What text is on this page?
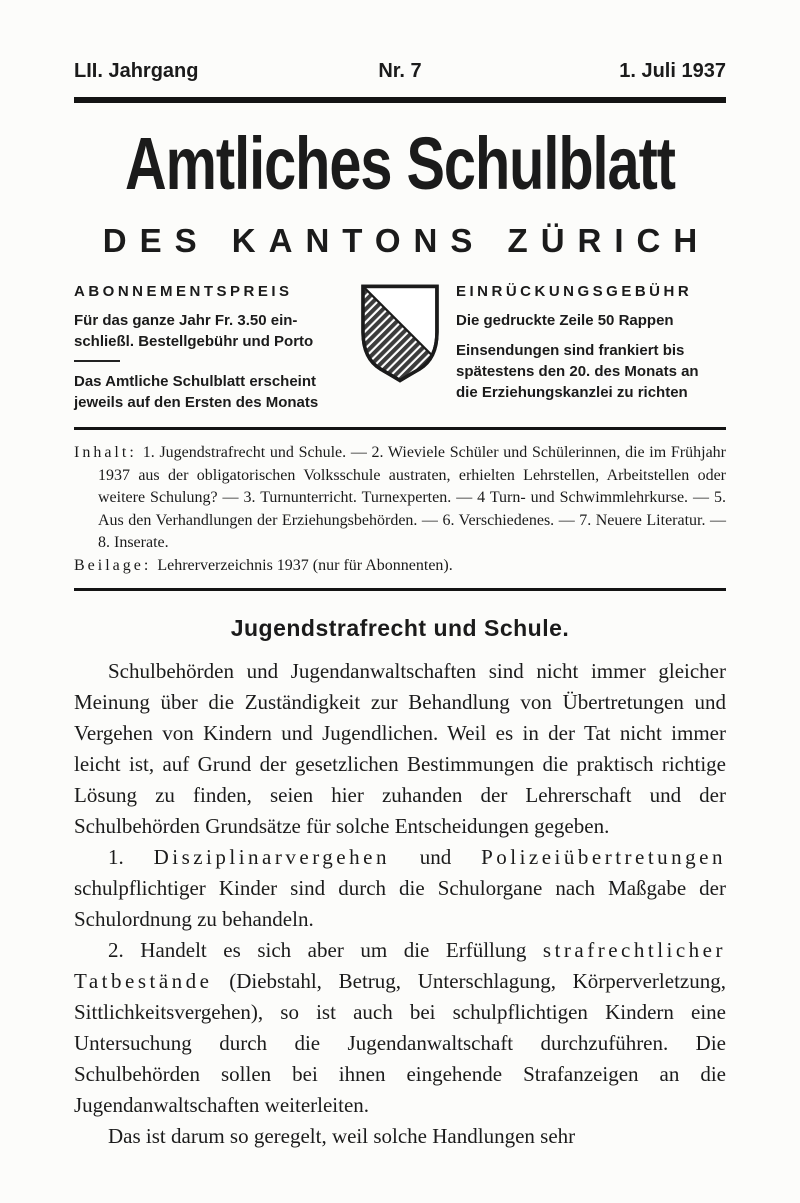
LII. Jahrgang	Nr. 7	1. Juli 1937
Amtliches Schulblatt
DES KANTONS ZÜRICH
ABONNEMENTSPREIS
Für das ganze Jahr Fr. 3.50 ein-
schließl. Bestellgebühr und Porto
Das Amtliche Schulblatt erscheint
jeweils auf den Ersten des Monats
EINRÜCKUNGSGEBÜHR
Die gedruckte Zeile 50 Rappen
Einsendungen sind frankiert bis
spätestens den 20. des Monats an
die Erziehungskanzlei zu richten

Inhalt: 1. Jugendstrafrecht und Schule. — 2. Wieviele Schüler und Schülerinnen, die im Frühjahr 1937 aus der obligatorischen Volksschule austraten, erhielten Lehrstellen, Arbeitstellen oder weitere Schulung? — 3. Turnunterricht. Turnexperten. — 4 Turn- und Schwimmlehrkurse. — 5. Aus den Verhandlungen der Erziehungsbehörden. — 6. Verschiedenes. — 7. Neuere Literatur. — 8. Inserate.

Beilage: Lehrerverzeichnis 1937 (nur für Abonnenten).

Jugendstrafrecht und Schule.

Schulbehörden und Jugendanwaltschaften sind nicht immer gleicher Meinung über die Zuständigkeit zur Behandlung von Übertretungen und Vergehen von Kindern und Jugendlichen. Weil es in der Tat nicht immer leicht ist, auf Grund der gesetzlichen Bestimmungen die praktisch richtige Lösung zu finden, seien hier zuhanden der Lehrerschaft und der Schulbehörden Grundsätze für solche Entscheidungen gegeben.

1. Disziplinarvergehen und Polizeiübertretungen schulpflichtiger Kinder sind durch die Schulorgane nach Maßgabe der Schulordnung zu behandeln.

2. Handelt es sich aber um die Erfüllung strafrechtlicher Tatbestände (Diebstahl, Betrug, Unterschlagung, Körperverletzung, Sittlichkeitsvergehen), so ist auch bei schulpflichtigen Kindern eine Untersuchung durch die Jugendanwaltschaft durchzuführen. Die Schulbehörden sollen bei ihnen eingehende Strafanzeigen an die Jugendanwaltschaften weiterleiten.

Das ist darum so geregelt, weil solche Handlungen sehr
